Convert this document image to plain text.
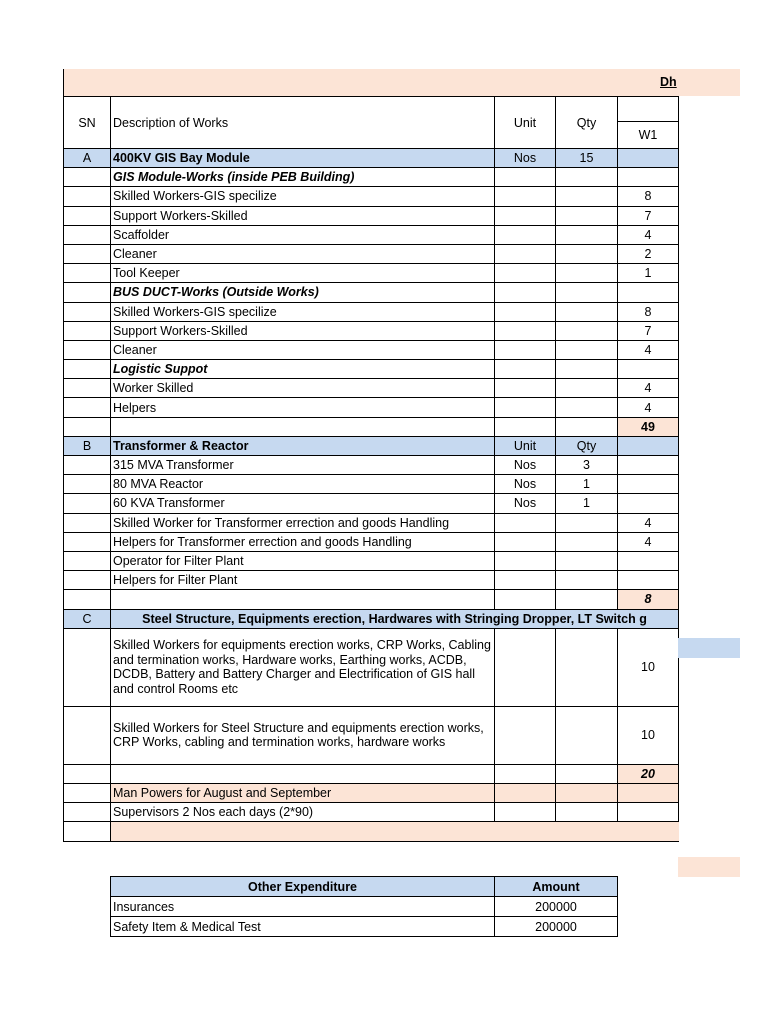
Dh
SN	Description of Works	Unit	Qty	W1

A	400KV GIS Bay Module	Nos	15	
	GIS Module-Works (inside PEB Building)			
	Skilled Workers-GIS specilize			8
	Support Workers-Skilled			7
	Scaffolder			4
	Cleaner			2
	Tool Keeper			1
	BUS DUCT-Works (Outside Works)			
	Skilled Workers-GIS specilize			8
	Support Workers-Skilled			7
	Cleaner			4
	Logistic Suppot			
	Worker Skilled			4
	Helpers			4
				49
B	Transformer & Reactor	Unit	Qty	
	315 MVA Transformer	Nos	3	
	80 MVA Reactor	Nos	1	
	60 KVA Transformer	Nos	1	
	Skilled Worker for Transformer errection and goods Handling			4
	Helpers for Transformer errection and goods Handling			4
	Operator for Filter Plant			
	Helpers for Filter Plant			
				8
C	Steel Structure, Equipments erection, Hardwares with Stringing Dropper, LT Switch g			
	Skilled Workers for equipments erection works, CRP Works, Cabling and termination works, Hardware works, Earthing works, ACDB, DCDB, Battery and Battery Charger and Electrification of GIS hall and control Rooms etc			10
	Skilled Workers for Steel Structure and equipments erection works, CRP Works, cabling and termination works, hardware works			10
				20
	Man Powers for August and September			
	Supervisors 2 Nos each days (2*90)			

Other Expenditure	Amount
Insurances	200000
Safety Item & Medical Test	200000
